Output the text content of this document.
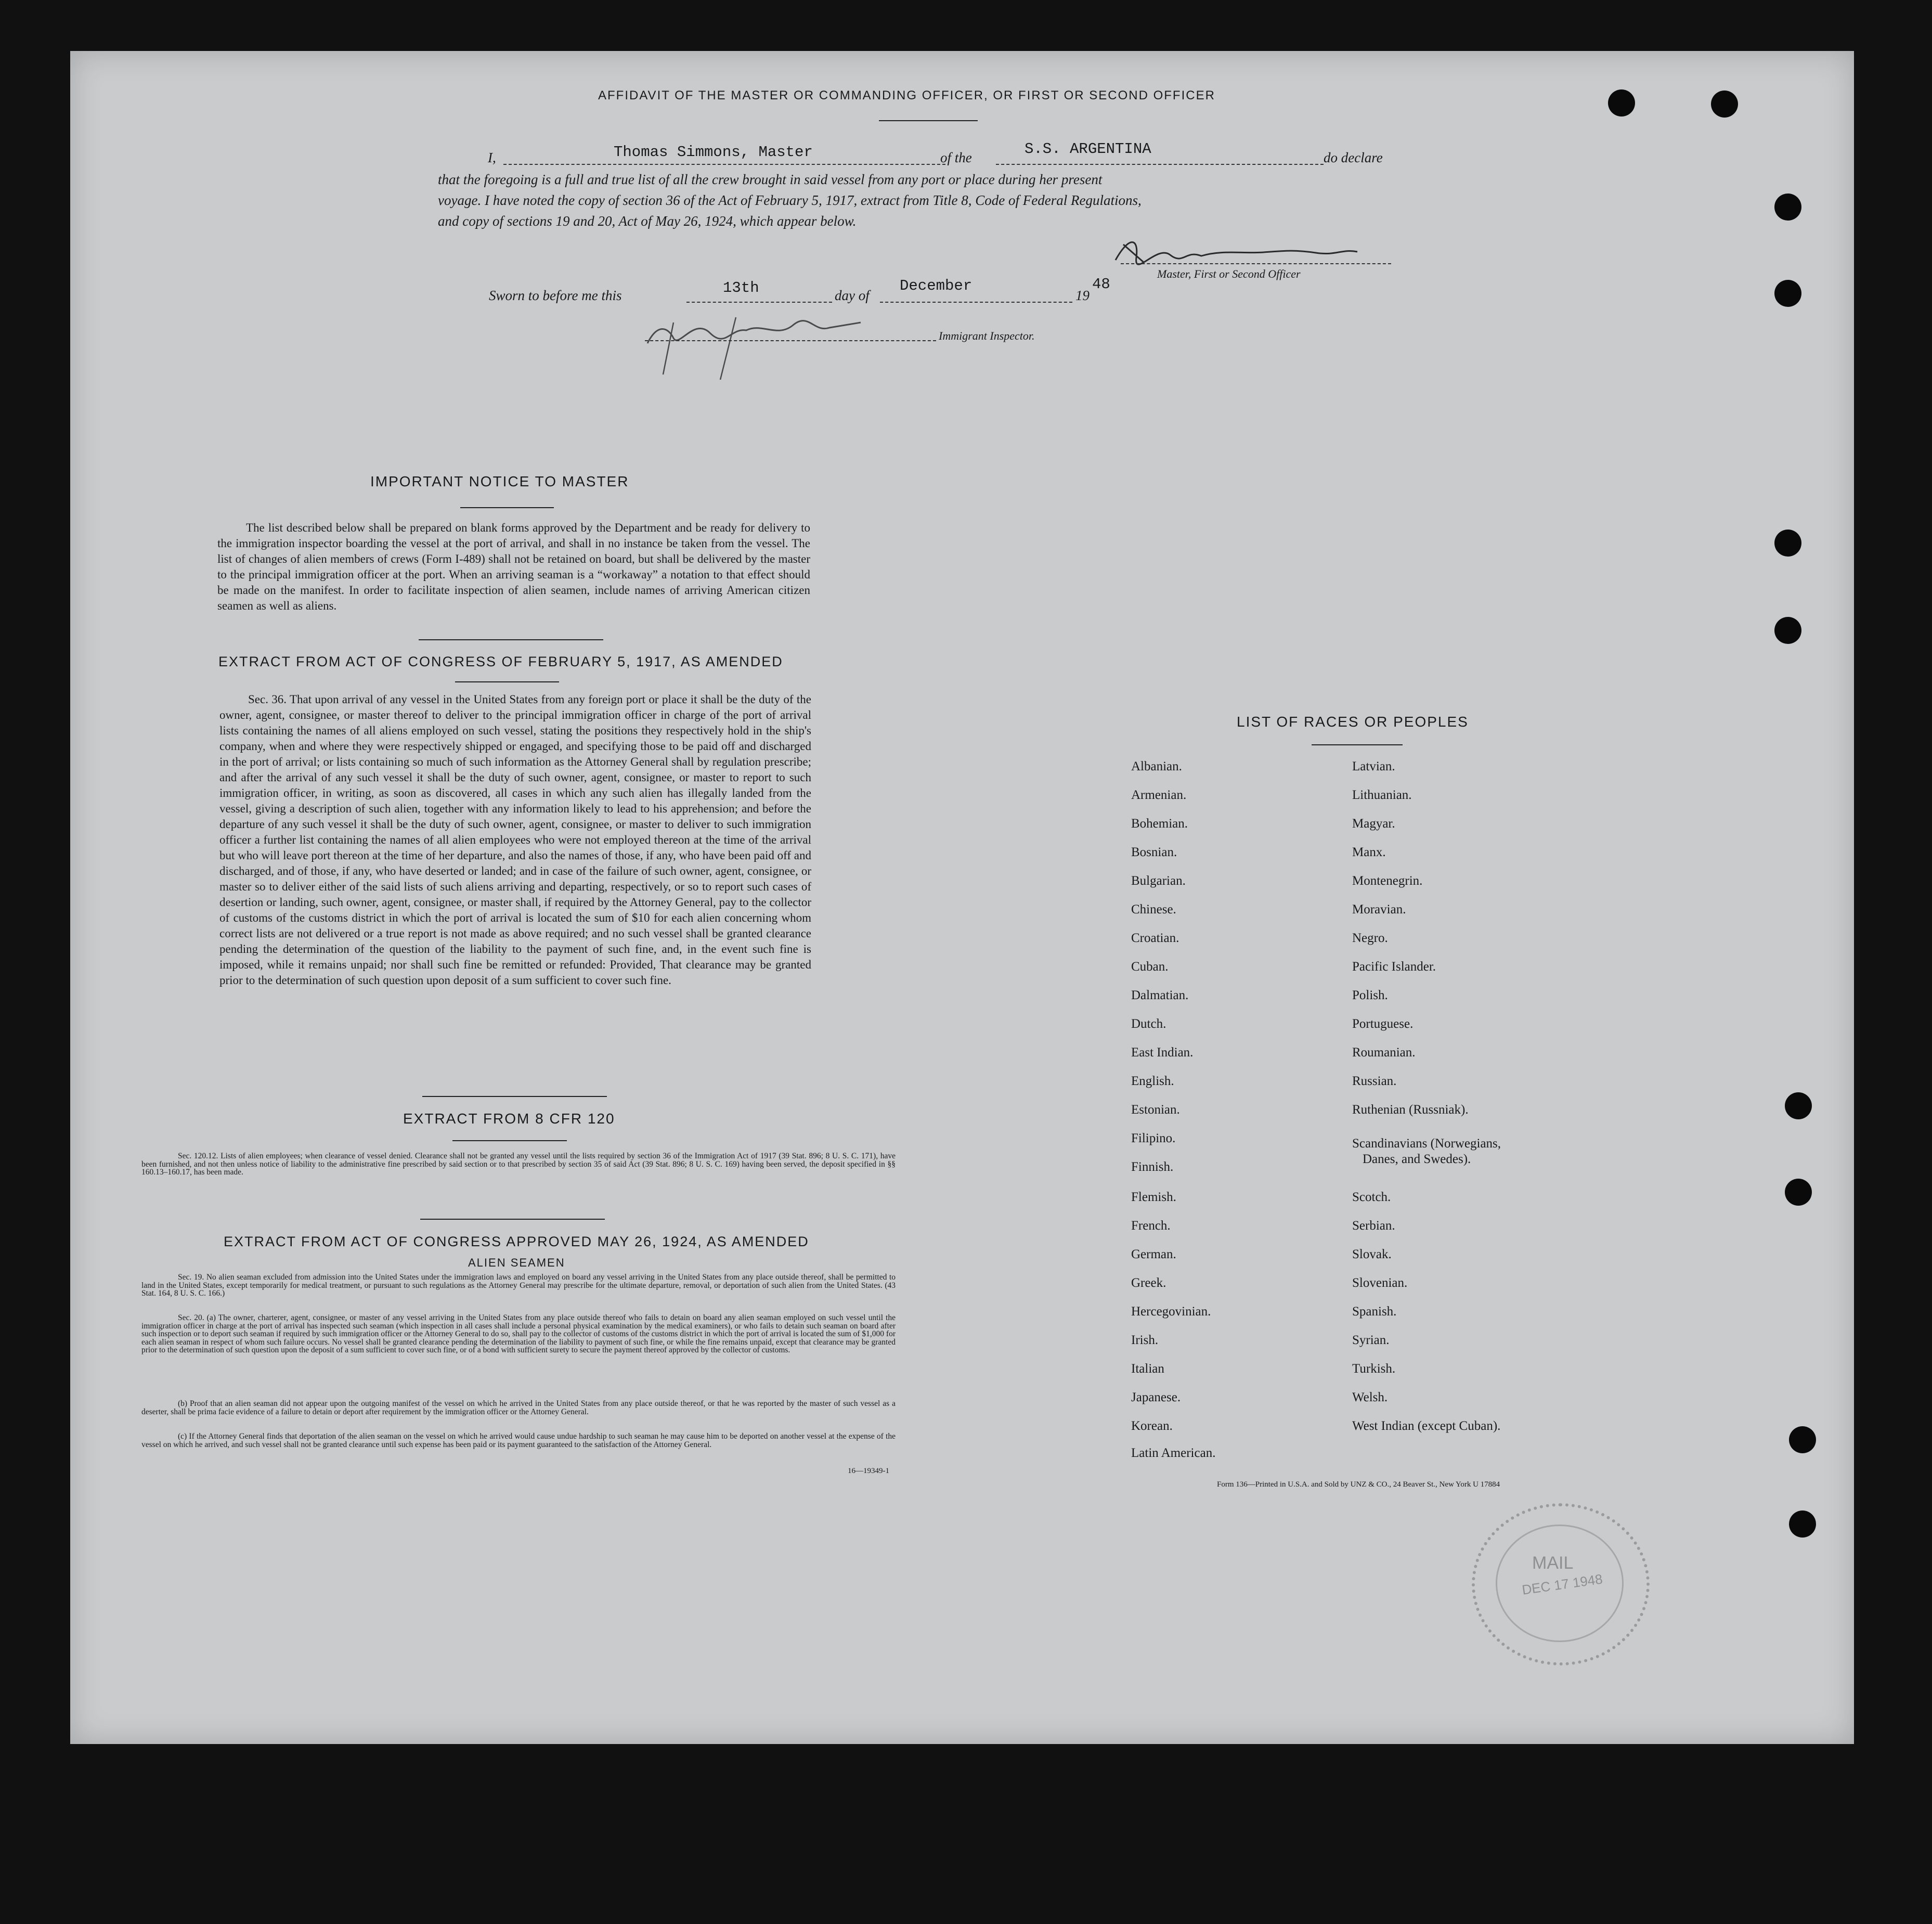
AFFIDAVIT OF THE MASTER OR COMMANDING OFFICER, OR FIRST OR SECOND OFFICER
I,	Thomas Simmons, Master	of the	S.S. ARGENTINA	do declare
that the foregoing is a full and true list of all the crew brought in said vessel from any port or place during her present
voyage. I have noted the copy of section 36 of the Act of February 5, 1917, extract from Title 8, Code of Federal Regulations,
and copy of sections 19 and 20, Act of May 26, 1924, which appear below.
Master, First or Second Officer
Sworn to before me this	13th	day of
December
19
48
Immigrant Inspector.
IMPORTANT NOTICE TO MASTER
The list described below shall be prepared on blank forms approved by the Department and be ready for delivery to the immigration inspector boarding the vessel at the port of arrival, and shall in no instance be taken from the vessel. The list of changes of alien members of crews (Form I-489) shall not be retained on board, but shall be delivered by the master to the principal immigration officer at the port. When an arriving seaman is a “workaway” a notation to that effect should be made on the manifest. In order to facilitate inspection of alien seamen, include names of arriving American citizen seamen as well as aliens.
EXTRACT FROM ACT OF CONGRESS OF FEBRUARY 5, 1917, AS AMENDED
Sec. 36. That upon arrival of any vessel in the United States from any foreign port or place it shall be the duty of the owner, agent, consignee, or master thereof to deliver to the principal immigration officer in charge of the port of arrival lists containing the names of all aliens employed on such vessel, stating the positions they respectively hold in the ship's company, when and where they were respectively shipped or engaged, and specifying those to be paid off and discharged in the port of arrival; or lists containing so much of such information as the Attorney General shall by regulation prescribe; and after the arrival of any such vessel it shall be the duty of such owner, agent, consignee, or master to report to such immigration officer, in writing, as soon as discovered, all cases in which any such alien has illegally landed from the vessel, giving a description of such alien, together with any information likely to lead to his apprehension; and before the departure of any such vessel it shall be the duty of such owner, agent, consignee, or master to deliver to such immigration officer a further list containing the names of all alien employees who were not employed thereon at the time of the arrival but who will leave port thereon at the time of her departure, and also the names of those, if any, who have been paid off and discharged, and of those, if any, who have deserted or landed; and in case of the failure of such owner, agent, consignee, or master so to deliver either of the said lists of such aliens arriving and departing, respectively, or so to report such cases of desertion or landing, such owner, agent, consignee, or master shall, if required by the Attorney General, pay to the collector of customs of the customs district in which the port of arrival is located the sum of $10 for each alien concerning whom correct lists are not delivered or a true report is not made as above required; and no such vessel shall be granted clearance pending the determination of the question of the liability to the payment of such fine, and, in the event such fine is imposed, while it remains unpaid; nor shall such fine be remitted or refunded: Provided, That clearance may be granted prior to the determination of such question upon deposit of a sum sufficient to cover such fine.
EXTRACT FROM 8 CFR 120
Sec. 120.12. Lists of alien employees; when clearance of vessel denied. Clearance shall not be granted any vessel until the lists required by section 36 of the Immigration Act of 1917 (39 Stat. 896; 8 U. S. C. 171), have been furnished, and not then unless notice of liability to the administrative fine prescribed by said section or to that prescribed by section 35 of said Act (39 Stat. 896; 8 U. S. C. 169) having been served, the deposit specified in §§ 160.13–160.17, has been made.
EXTRACT FROM ACT OF CONGRESS APPROVED MAY 26, 1924, AS AMENDED
ALIEN SEAMEN
Sec. 19. No alien seaman excluded from admission into the United States under the immigration laws and employed on board any vessel arriving in the United States from any place outside thereof, shall be permitted to land in the United States, except temporarily for medical treatment, or pursuant to such regulations as the Attorney General may prescribe for the ultimate departure, removal, or deportation of such alien from the United States. (43 Stat. 164, 8 U. S. C. 166.)
Sec. 20. (a) The owner, charterer, agent, consignee, or master of any vessel arriving in the United States from any place outside thereof who fails to detain on board any alien seaman employed on such vessel until the immigration officer in charge at the port of arrival has inspected such seaman (which inspection in all cases shall include a personal physical examination by the medical examiners), or who fails to detain such seaman on board after such inspection or to deport such seaman if required by such immigration officer or the Attorney General to do so, shall pay to the collector of customs of the customs district in which the port of arrival is located the sum of $1,000 for each alien seaman in respect of whom such failure occurs. No vessel shall be granted clearance pending the determination of the liability to payment of such fine, or while the fine remains unpaid, except that clearance may be granted prior to the determination of such question upon the deposit of a sum sufficient to cover such fine, or of a bond with sufficient surety to secure the payment thereof approved by the collector of customs.
(b) Proof that an alien seaman did not appear upon the outgoing manifest of the vessel on which he arrived in the United States from any place outside thereof, or that he was reported by the master of such vessel as a deserter, shall be prima facie evidence of a failure to detain or deport after requirement by the immigration officer or the Attorney General.
(c) If the Attorney General finds that deportation of the alien seaman on the vessel on which he arrived would cause undue hardship to such seaman he may cause him to be deported on another vessel at the expense of the vessel on which he arrived, and such vessel shall not be granted clearance until such expense has been paid or its payment guaranteed to the satisfaction of the Attorney General.
16—19349-1
LIST OF RACES OR PEOPLES
Albanian.
Armenian.
Bohemian.
Bosnian.
Bulgarian.
Chinese.
Croatian.
Cuban.
Dalmatian.
Dutch.
East Indian.
English.
Estonian.
Filipino.
Finnish.
Flemish.
French.
German.
Greek.
Hercegovinian.
Irish.
Italian
Japanese.
Korean.
Latin American.
Latvian.
Lithuanian.
Magyar.
Manx.
Montenegrin.
Moravian.
Negro.
Pacific Islander.
Polish.
Portuguese.
Roumanian.
Russian.
Ruthenian (Russniak).
Scandinavians (Norwegians,
Danes, and Swedes).
Scotch.
Serbian.
Slovak.
Slovenian.
Spanish.
Syrian.
Turkish.
Welsh.
West Indian (except Cuban).
Form 136—Printed in U.S.A. and Sold by UNZ & CO., 24 Beaver St., New York U 17884
MAIL
DEC 17 1948
